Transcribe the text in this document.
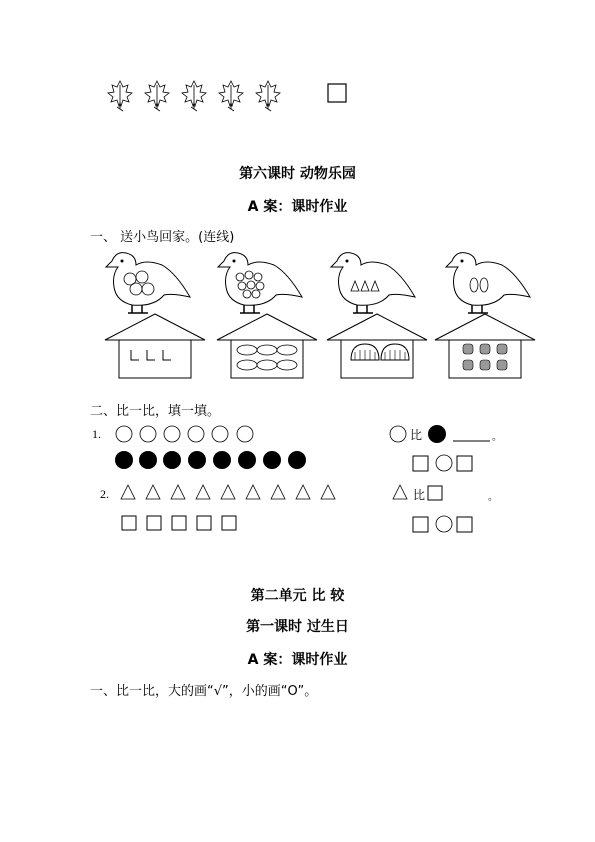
第六课时 动物乐园
A 案：课时作业
一、 送小鸟回家。(连线)
二、比一比，填一填。
1.	比	。
2.	比	。
第二单元 比 较
第一课时 过生日
A 案：课时作业
一、比一比，大的画“√”，小的画“O”。
